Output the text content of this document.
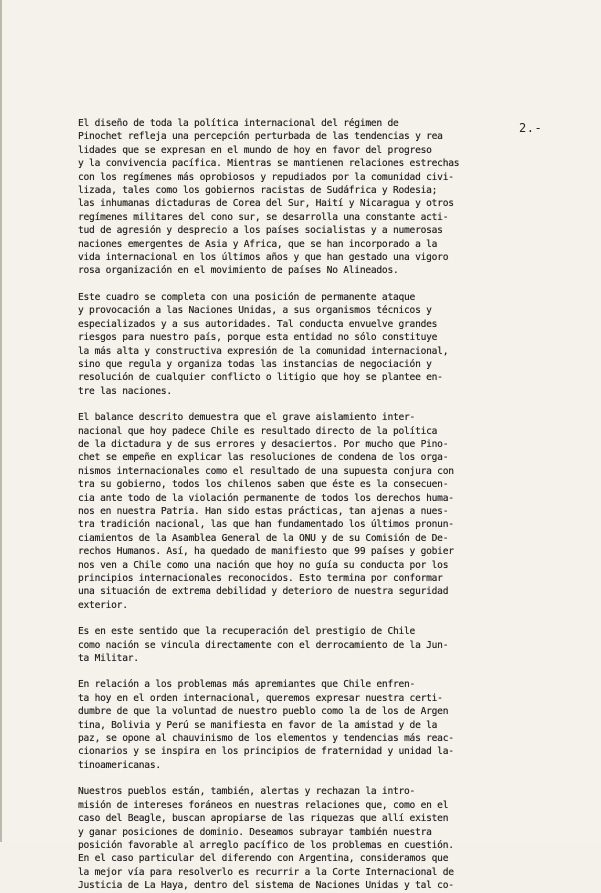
2.-
El diseño de toda la política internacional del régimen de
Pinochet refleja una percepción perturbada de las tendencias y rea
lidades que se expresan en el mundo de hoy en favor del progreso
y la convivencia pacífica. Mientras se mantienen relaciones estrechas
con los regímenes más oprobiosos y repudiados por la comunidad civi-
lizada, tales como los gobiernos racistas de Sudáfrica y Rodesia;
las inhumanas dictaduras de Corea del Sur, Haití y Nicaragua y otros
regímenes militares del cono sur, se desarrolla una constante acti-
tud de agresión y desprecio a los países socialistas y a numerosas
naciones emergentes de Asia y Africa, que se han incorporado a la
vida internacional en los últimos años y que han gestado una vigoro
rosa organización en el movimiento de países No Alineados.
Este cuadro se completa con una posición de permanente ataque
y provocación a las Naciones Unidas, a sus organismos técnicos y
especializados y a sus autoridades. Tal conducta envuelve grandes
riesgos para nuestro país, porque esta entidad no sólo constituye
la más alta y constructiva expresión de la comunidad internacional,
sino que regula y organiza todas las instancias de negociación y
resolución de cualquier conflicto o litigio que hoy se plantee en-
tre las naciones.
El balance descrito demuestra que el grave aislamiento inter-
nacional que hoy padece Chile es resultado directo de la política
de la dictadura y de sus errores y desaciertos. Por mucho que Pino-
chet se empeñe en explicar las resoluciones de condena de los orga-
nismos internacionales como el resultado de una supuesta conjura con
tra su gobierno, todos los chilenos saben que éste es la consecuen-
cia ante todo de la violación permanente de todos los derechos huma-
nos en nuestra Patria. Han sido estas prácticas, tan ajenas a nues-
tra tradición nacional, las que han fundamentado los últimos pronun-
ciamientos de la Asamblea General de la ONU y de su Comisión de De-
rechos Humanos. Así, ha quedado de manifiesto que 99 países y gobier
nos ven a Chile como una nación que hoy no guía su conducta por los
principios internacionales reconocidos. Esto termina por conformar
una situación de extrema debilidad y deterioro de nuestra seguridad
exterior.
Es en este sentido que la recuperación del prestigio de Chile
como nación se vincula directamente con el derrocamiento de la Jun-
ta Militar.
En relación a los problemas más apremiantes que Chile enfren-
ta hoy en el orden internacional, queremos expresar nuestra certi-
dumbre de que la voluntad de nuestro pueblo como la de los de Argen
tina, Bolivia y Perú se manifiesta en favor de la amistad y de la
paz, se opone al chauvinismo de los elementos y tendencias más reac-
cionarios y se inspira en los principios de fraternidad y unidad la-
tinoamericanas.
Nuestros pueblos están, también, alertas y rechazan la intro-
misión de intereses foráneos en nuestras relaciones que, como en el
caso del Beagle, buscan apropiarse de las riquezas que allí existen
y ganar posiciones de dominio. Deseamos subrayar también nuestra
posición favorable al arreglo pacífico de los problemas en cuestión.
En el caso particular del diferendo con Argentina, consideramos que
la mejor vía para resolverlo es recurrir a la Corte Internacional de
Justicia de La Haya, dentro del sistema de Naciones Unidas y tal co-
